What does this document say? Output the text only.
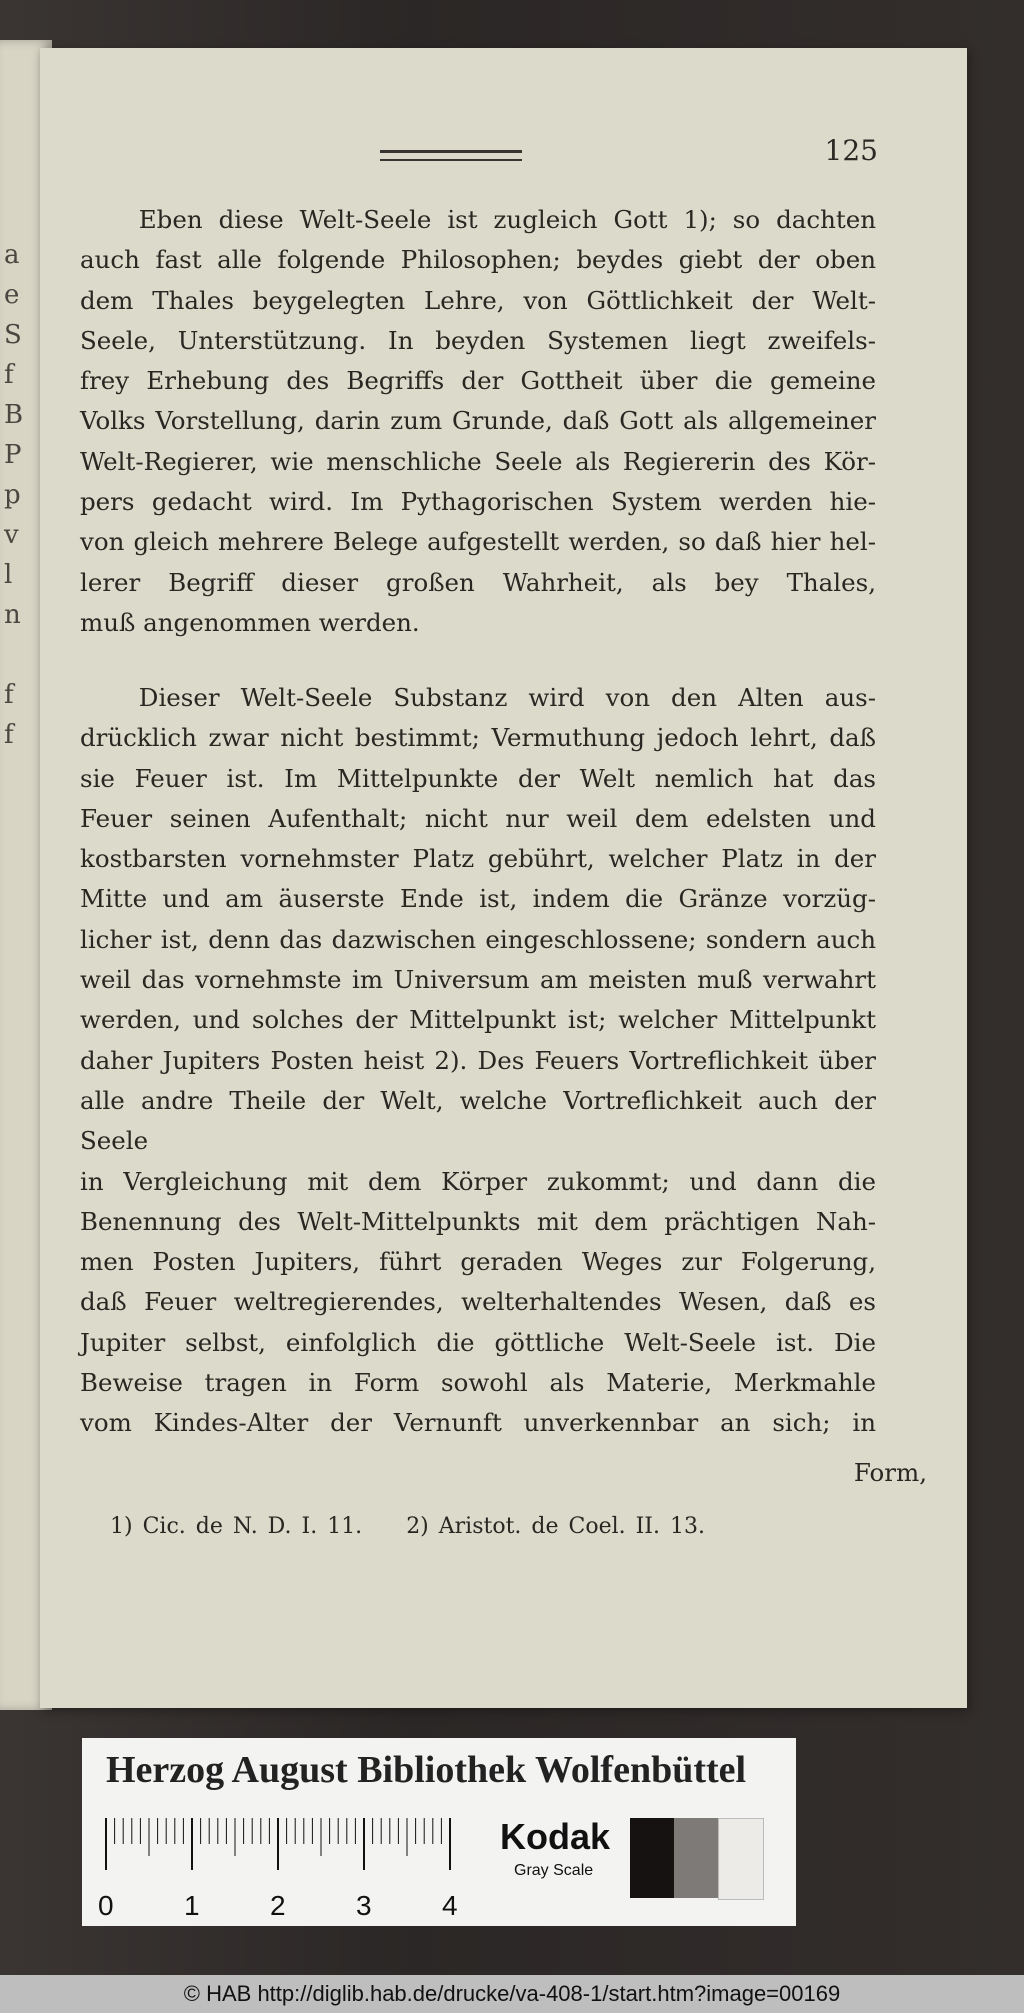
a
e
S
f
B
P
p
v
l
n
f
f
125
Eben diese Welt-Seele ist zugleich Gott 1); so dachten
auch fast alle folgende Philosophen; beydes giebt der oben
dem Thales beygelegten Lehre, von Göttlichkeit der Welt-
Seele, Unterstützung. In beyden Systemen liegt zweifels-
frey Erhebung des Begriffs der Gottheit über die gemeine
Volks Vorstellung, darin zum Grunde, daß Gott als allgemeiner
Welt-Regierer, wie menschliche Seele als Regiererin des Kör-
pers gedacht wird. Im Pythagorischen System werden hie-
von gleich mehrere Belege aufgestellt werden, so daß hier hel-
lerer Begriff dieser großen Wahrheit, als bey Thales,
muß angenommen werden.
Dieser Welt-Seele Substanz wird von den Alten aus-
drücklich zwar nicht bestimmt; Vermuthung jedoch lehrt, daß
sie Feuer ist. Im Mittelpunkte der Welt nemlich hat das
Feuer seinen Aufenthalt; nicht nur weil dem edelsten und
kostbarsten vornehmster Platz gebührt, welcher Platz in der
Mitte und am äuserste Ende ist, indem die Gränze vorzüg-
licher ist, denn das dazwischen eingeschlossene; sondern auch
weil das vornehmste im Universum am meisten muß verwahrt
werden, und solches der Mittelpunkt ist; welcher Mittelpunkt
daher Jupiters Posten heist 2). Des Feuers Vortreflichkeit über
alle andre Theile der Welt, welche Vortreflichkeit auch der Seele
in Vergleichung mit dem Körper zukommt; und dann die
Benennung des Welt-Mittelpunkts mit dem prächtigen Nah-
men Posten Jupiters, führt geraden Weges zur Folgerung,
daß Feuer weltregierendes, welterhaltendes Wesen, daß es
Jupiter selbst, einfolglich die göttliche Welt-Seele ist. Die
Beweise tragen in Form sowohl als Materie, Merkmahle
vom Kindes-Alter der Vernunft unverkennbar an sich; in
Form,
1) Cic. de N. D. I. 11. 2) Aristot. de Coel. II. 13.
Herzog August Bibliothek Wolfenbüttel
0	1	2	3	4
Kodak
Gray Scale
© HAB http://diglib.hab.de/drucke/va-408-1/start.htm?image=00169
